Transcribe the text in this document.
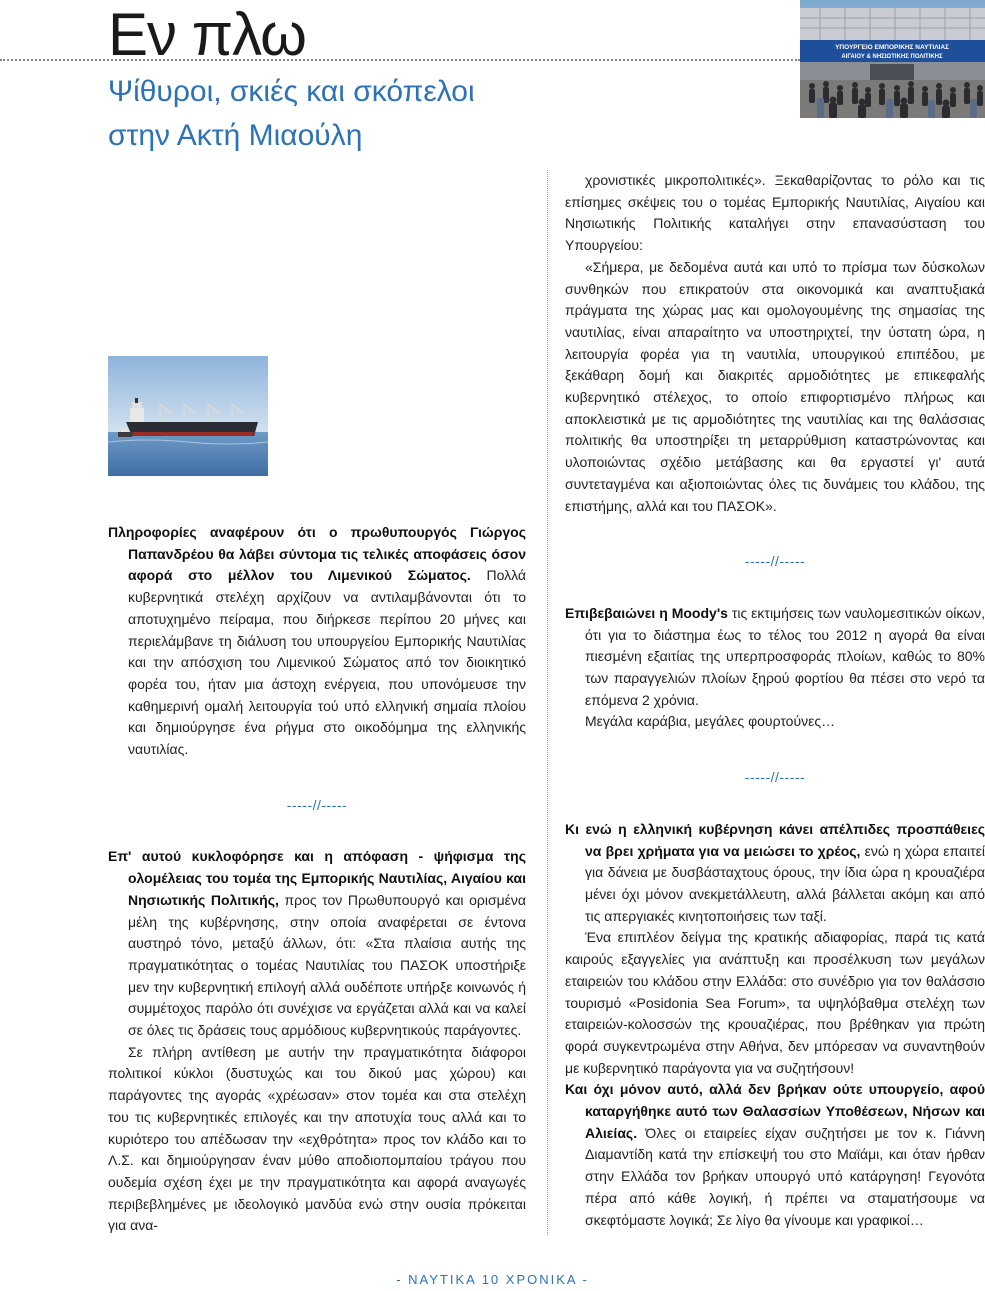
Εν πλω
Ψίθυροι, σκιές και σκόπελοι
στην Ακτή Μιαούλη
ΥΠΟΥΡΓΕΙΟ ΕΜΠΟΡΙΚΗΣ ΝΑΥΤΙΛΙΑΣ
ΑΙΓΑΙΟΥ & ΝΗΣΙΩΤΙΚΗΣ ΠΟΛΙΤΙΚΗΣ

Πληροφορίες αναφέρουν ότι ο πρωθυπουργός Γιώργος Παπανδρέου θα λάβει σύντομα τις τελικές αποφάσεις όσον αφορά στο μέλλον του Λιμενικού Σώματος. Πολλά κυβερνητικά στελέχη αρχίζουν να αντιλαμβάνονται ότι το αποτυχημένο πείραμα, που διήρκεσε περίπου 20 μήνες και περιελάμβανε τη διάλυση του υπουργείου Εμπορικής Ναυτιλίας και την απόσχιση του Λιμενικού Σώματος από τον διοικητικό φορέα του, ήταν μια άστοχη ενέργεια, που υπονόμευσε την καθημερινή ομαλή λειτουργία τού υπό ελληνική σημαία πλοίου και δημιούργησε ένα ρήγμα στο οικοδόμημα της ελληνικής ναυτιλίας.

-----//-----

Επ' αυτού κυκλοφόρησε και η απόφαση - ψήφισμα της ολομέλειας του τομέα της Εμπορικής Ναυτιλίας, Αιγαίου και Νησιωτικής Πολιτικής, προς τον Πρωθυπουργό και ορισμένα μέλη της κυβέρνησης, στην οποία αναφέρεται σε έντονα αυστηρό τόνο, μεταξύ άλλων, ότι: «Στα πλαίσια αυτής της πραγματικότητας ο τομέας Ναυτιλίας του ΠΑΣΟΚ υποστήριξε μεν την κυβερνητική επιλογή αλλά ουδέποτε υπήρξε κοινωνός ή συμμέτοχος παρόλο ότι συνέχισε να εργάζεται αλλά και να καλεί σε όλες τις δράσεις τους αρμόδιους κυβερνητικούς παράγοντες.

Σε πλήρη αντίθεση με αυτήν την πραγματικότητα διάφοροι πολιτικοί κύκλοι (δυστυχώς και του δικού μας χώρου) και παράγοντες της αγοράς «χρέωσαν» στον τομέα και στα στελέχη του τις κυβερνητικές επιλογές και την αποτυχία τους αλλά και το κυριότερο του απέδωσαν την «εχθρότητα» προς τον κλάδο και το Λ.Σ. και δημιούργησαν έναν μύθο αποδιοπομπαίου τράγου που ουδεμία σχέση έχει με την πραγματικότητα και αφορά αναγωγές περιβεβλημένες με ιδεολογικό μανδύα ενώ στην ουσία πρόκειται για ανα-

χρονιστικές μικροπολιτικές». Ξεκαθαρίζοντας το ρόλο και τις επίσημες σκέψεις του ο τομέας Εμπορικής Ναυτιλίας, Αιγαίου και Νησιωτικής Πολιτικής καταλήγει στην επανασύσταση του Υπουργείου:

«Σήμερα, με δεδομένα αυτά και υπό το πρίσμα των δύσκολων συνθηκών που επικρατούν στα οικονομικά και αναπτυξιακά πράγματα της χώρας μας και ομολογουμένης της σημασίας της ναυτιλίας, είναι απαραίτητο να υποστηριχτεί, την ύστατη ώρα, η λειτουργία φορέα για τη ναυτιλία, υπουργικού επιπέδου, με ξεκάθαρη δομή και διακριτές αρμοδιότητες με επικεφαλής κυβερνητικό στέλεχος, το οποίο επιφορτισμένο πλήρως και αποκλειστικά με τις αρμοδιότητες της ναυτιλίας και της θαλάσσιας πολιτικής θα υποστηρίξει τη μεταρρύθμιση καταστρώνοντας και υλοποιώντας σχέδιο μετάβασης και θα εργαστεί γι' αυτά συντεταγμένα και αξιοποιώντας όλες τις δυνάμεις του κλάδου, της επιστήμης, αλλά και του ΠΑΣΟΚ».

-----//-----

Επιβεβαιώνει η Moody's τις εκτιμήσεις των ναυλομεσιτικών οίκων, ότι για το διάστημα έως το τέλος του 2012 η αγορά θα είναι πιεσμένη εξαιτίας της υπερπροσφοράς πλοίων, καθώς το 80% των παραγγελιών πλοίων ξηρού φορτίου θα πέσει στο νερό τα επόμενα 2 χρόνια.

Μεγάλα καράβια, μεγάλες φουρτούνες…

-----//-----

Κι ενώ η ελληνική κυβέρνηση κάνει απέλπιδες προσπάθειες να βρει χρήματα για να μειώσει το χρέος, ενώ η χώρα επαιτεί για δάνεια με δυσβάσταχτους όρους, την ίδια ώρα η κρουαζιέρα μένει όχι μόνον ανεκμετάλλευτη, αλλά βάλλεται ακόμη και από τις απεργιακές κινητοποιήσεις των ταξί.

Ένα επιπλέον δείγμα της κρατικής αδιαφορίας, παρά τις κατά καιρούς εξαγγελίες για ανάπτυξη και προσέλκυση των μεγάλων εταιρειών του κλάδου στην Ελλάδα: στο συνέδριο για τον θαλάσσιο τουρισμό «Posidonia Sea Forum», τα υψηλόβαθμα στελέχη των εταιρειών-κολοσσών της κρουαζιέρας, που βρέθηκαν για πρώτη φορά συγκεντρωμένα στην Αθήνα, δεν μπόρεσαν να συναντηθούν με κυβερνητικό παράγοντα για να συζητήσουν!

Και όχι μόνον αυτό, αλλά δεν βρήκαν ούτε υπουργείο, αφού καταργήθηκε αυτό των Θαλασσίων Υποθέσεων, Νήσων και Αλιείας. Όλες οι εταιρείες είχαν συζητήσει με τον κ. Γιάννη Διαμαντίδη κατά την επίσκεψή του στο Μαϊάμι, και όταν ήρθαν στην Ελλάδα τον βρήκαν υπουργό υπό κατάργηση! Γεγονότα πέρα από κάθε λογική, ή πρέπει να σταματήσουμε να σκεφτόμαστε λογικά; Σε λίγο θα γίνουμε και γραφικοί…

- ΝΑΥΤΙΚΑ 10 ΧΡΟΝΙΚΑ -
